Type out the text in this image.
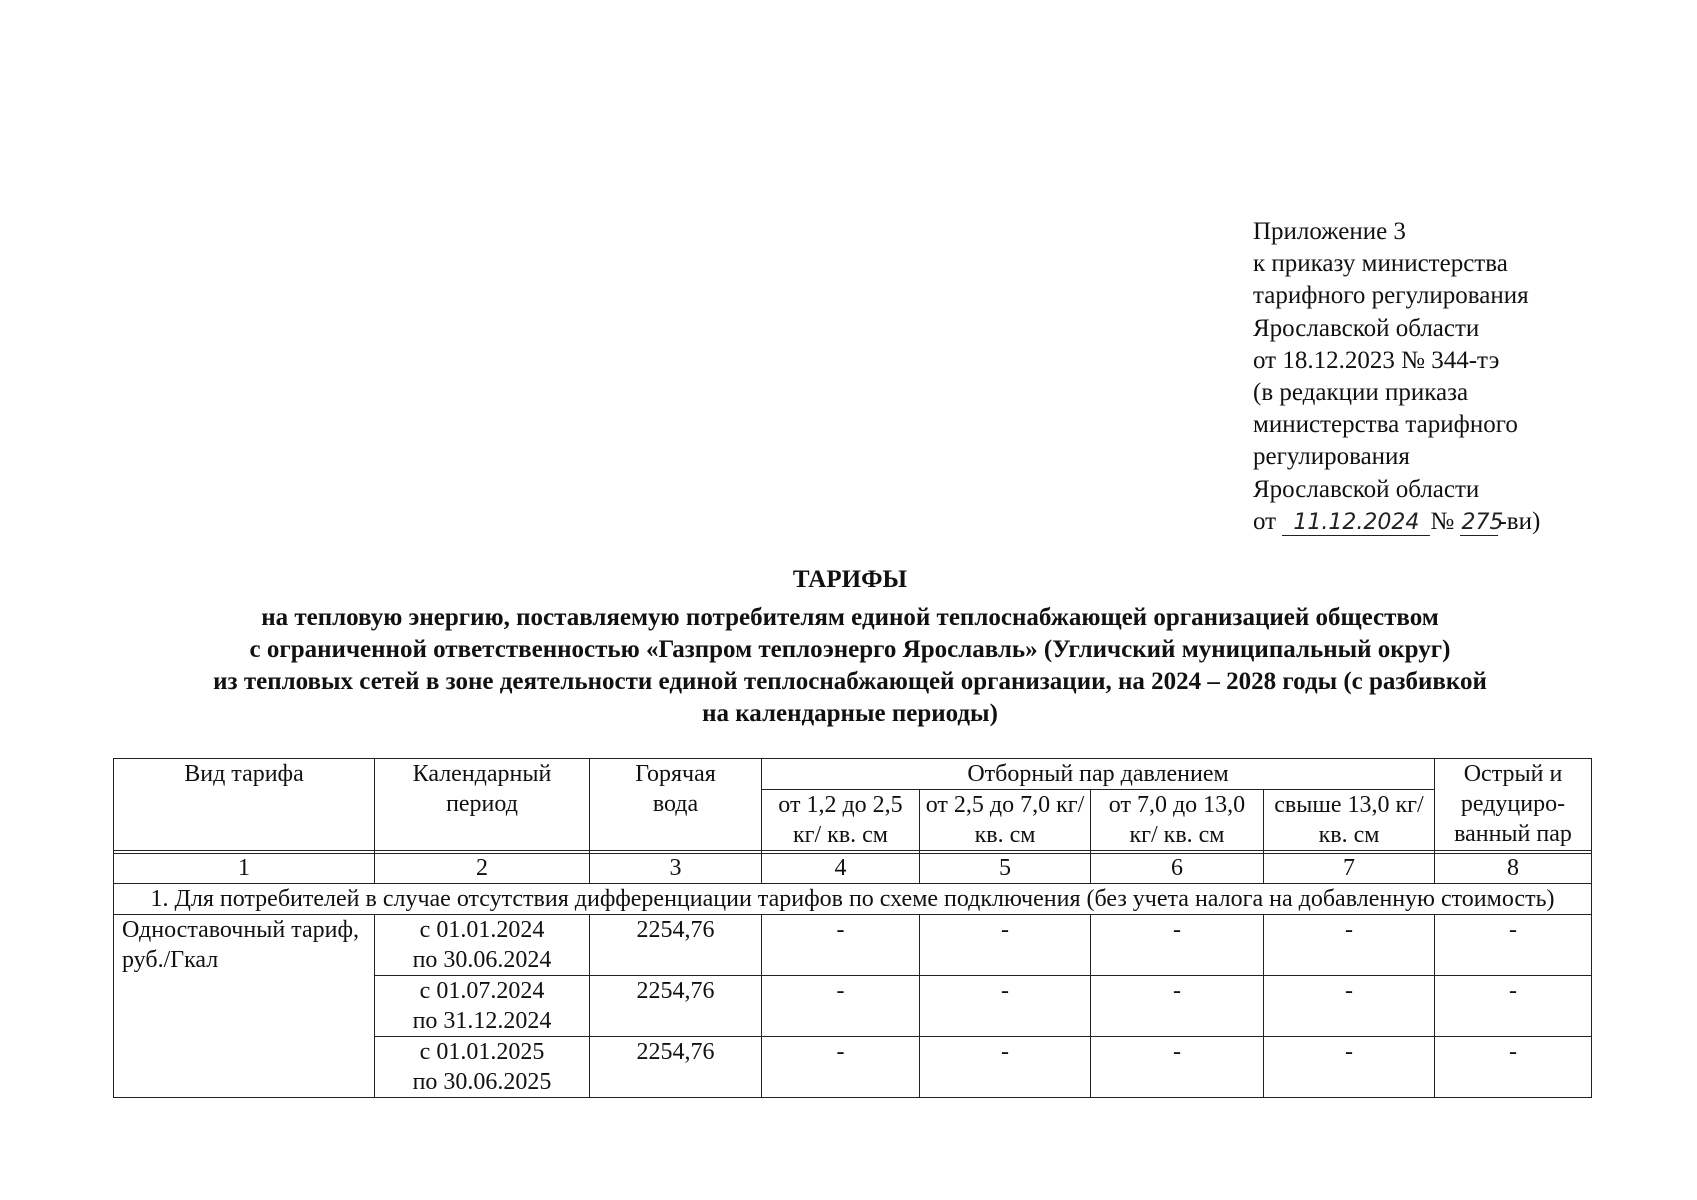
Приложение 3
к приказу министерства
тарифного регулирования
Ярославской области
от 18.12.2023 № 344-тэ
(в редакции приказа
министерства тарифного
регулирования
Ярославской области
от 11.12.2024 № 275-ви)
ТАРИФЫ
на тепловую энергию, поставляемую потребителям единой теплоснабжающей организацией обществом
с ограниченной ответственностью «Газпром теплоэнерго Ярославль» (Угличский муниципальный округ)
из тепловых сетей в зоне деятельности единой теплоснабжающей организации, на 2024 – 2028 годы (с разбивкой
на календарные периоды)
Вид тарифа	Календарный период	Горячая вода	Отборный пар давлением				Острый и редуциро-ванный пар
			от 1,2 до 2,5 кг/ кв. см	от 2,5 до 7,0 кг/ кв. см	от 7,0 до 13,0 кг/ кв. см	свыше 13,0 кг/ кв. см	

1	2	3	4	5	6	7	8
1. Для потребителей в случае отсутствия дифференциации тарифов по схеме подключения (без учета налога на добавленную стоимость)							
Одноставочный тариф, руб./Гкал	с 01.01.2024 по 30.06.2024	2254,76	-	-	-	-	-
	с 01.07.2024 по 31.12.2024	2254,76	-	-	-	-	-
	с 01.01.2025 по 30.06.2025	2254,76	-	-	-	-	-
